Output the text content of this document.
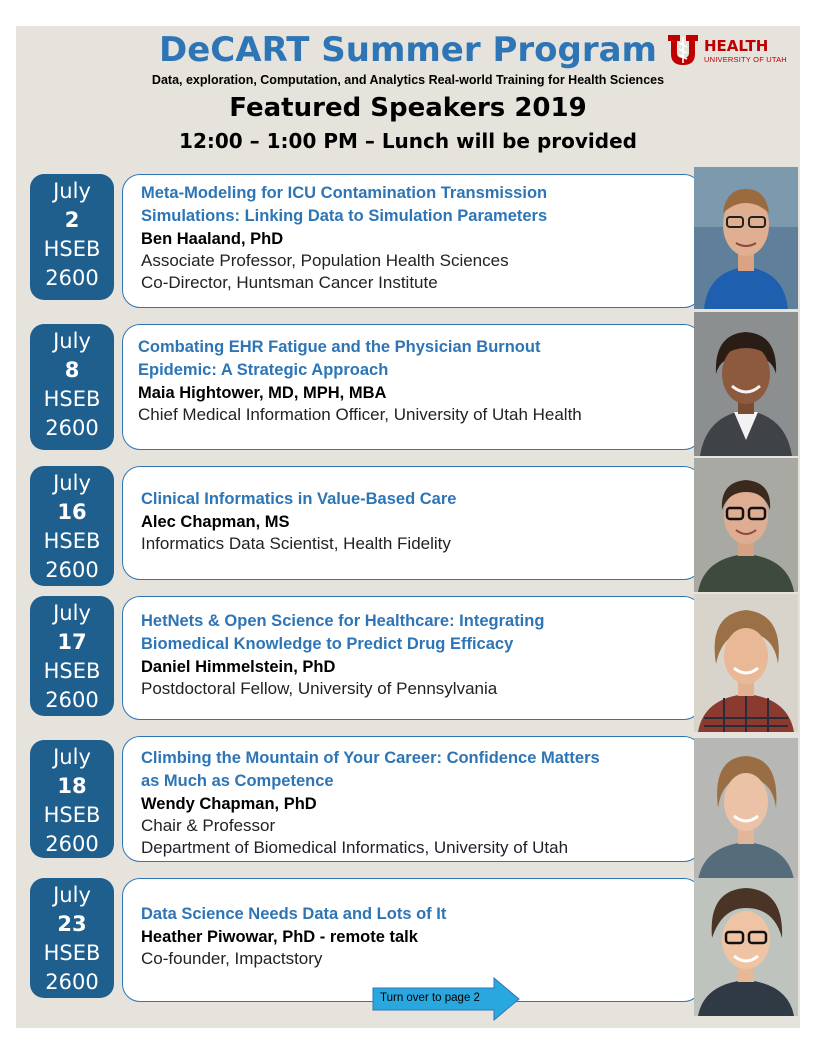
DeCART Summer Program
Data, exploration, Computation, and Analytics Real-world Training for Health Sciences
Featured Speakers 2019
12:00 – 1:00 PM – Lunch will be provided
HEALTH
UNIVERSITY OF UTAH
July
2
HSEB
2600
Meta-Modeling for ICU Contamination Transmission
Simulations: Linking Data to Simulation Parameters
Ben Haaland, PhD
Associate Professor, Population Health Sciences
Co-Director, Huntsman Cancer Institute
July
8
HSEB
2600
Combating EHR Fatigue and the Physician Burnout
Epidemic: A Strategic Approach
Maia Hightower, MD, MPH, MBA
Chief Medical Information Officer, University of Utah Health
July
16
HSEB
2600
Clinical Informatics in Value-Based Care
Alec Chapman, MS
Informatics Data Scientist, Health Fidelity
July
17
HSEB
2600
HetNets & Open Science for Healthcare: Integrating
Biomedical Knowledge to Predict Drug Efficacy
Daniel Himmelstein, PhD
Postdoctoral Fellow, University of Pennsylvania
July
18
HSEB
2600
Climbing the Mountain of Your Career: Confidence Matters
as Much as Competence
Wendy Chapman, PhD
Chair & Professor
Department of Biomedical Informatics, University of Utah
July
23
HSEB
2600
Data Science Needs Data and Lots of It
Heather Piwowar, PhD - remote talk
Co-founder, Impactstory
Turn over to page 2
